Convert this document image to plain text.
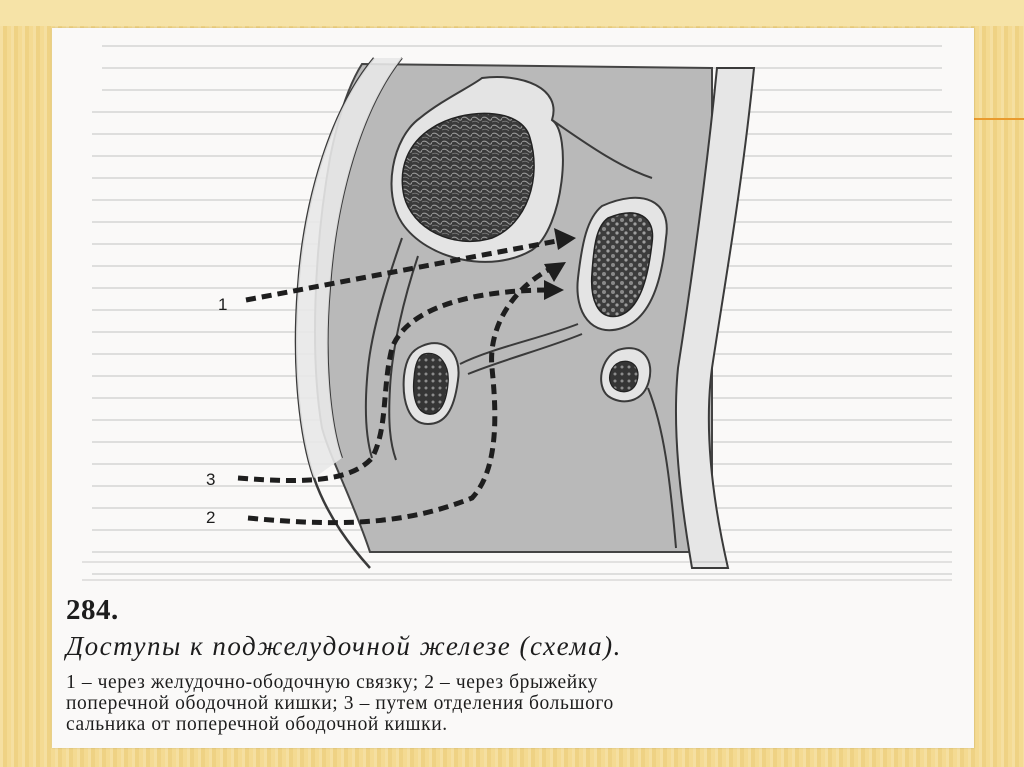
1
3
2

284.

Доступы к поджелудочной железе (схема).

1 – через желудочно-ободочную связку; 2 – через брыжейку
поперечной ободочной кишки; 3 – путем отделения большого
сальника от поперечной ободочной кишки.
